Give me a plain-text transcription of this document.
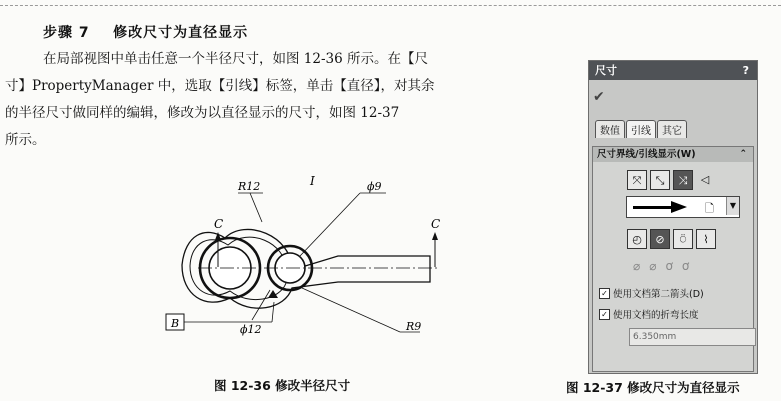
步骤 7 修改尺寸为直径显示

在局部视图中单击任意一个半径尺寸，如图 12-36 所示。在【尺

寸】PropertyManager 中，选取【引线】标签，单击【直径】，对其余

的半径尺寸做同样的编辑，修改为以直径显示的尺寸，如图 12-37

所示。

C	C
R12	I	ϕ9
R9
ϕ12
B
图 12-36 修改半径尺寸
尺寸	?
✔
数值 引线 其它
尺寸界线/引线显示(W)	⌃
⤧	⤡	⤨	◁
🗋	▼
◴	⊘	⍥	⌇
⌀ ⌀ ơ ơ
✓ 使用文档第二箭头(D)
✓ 使用文档的折弯长度
6.350mm
图 12-37 修改尺寸为直径显示
